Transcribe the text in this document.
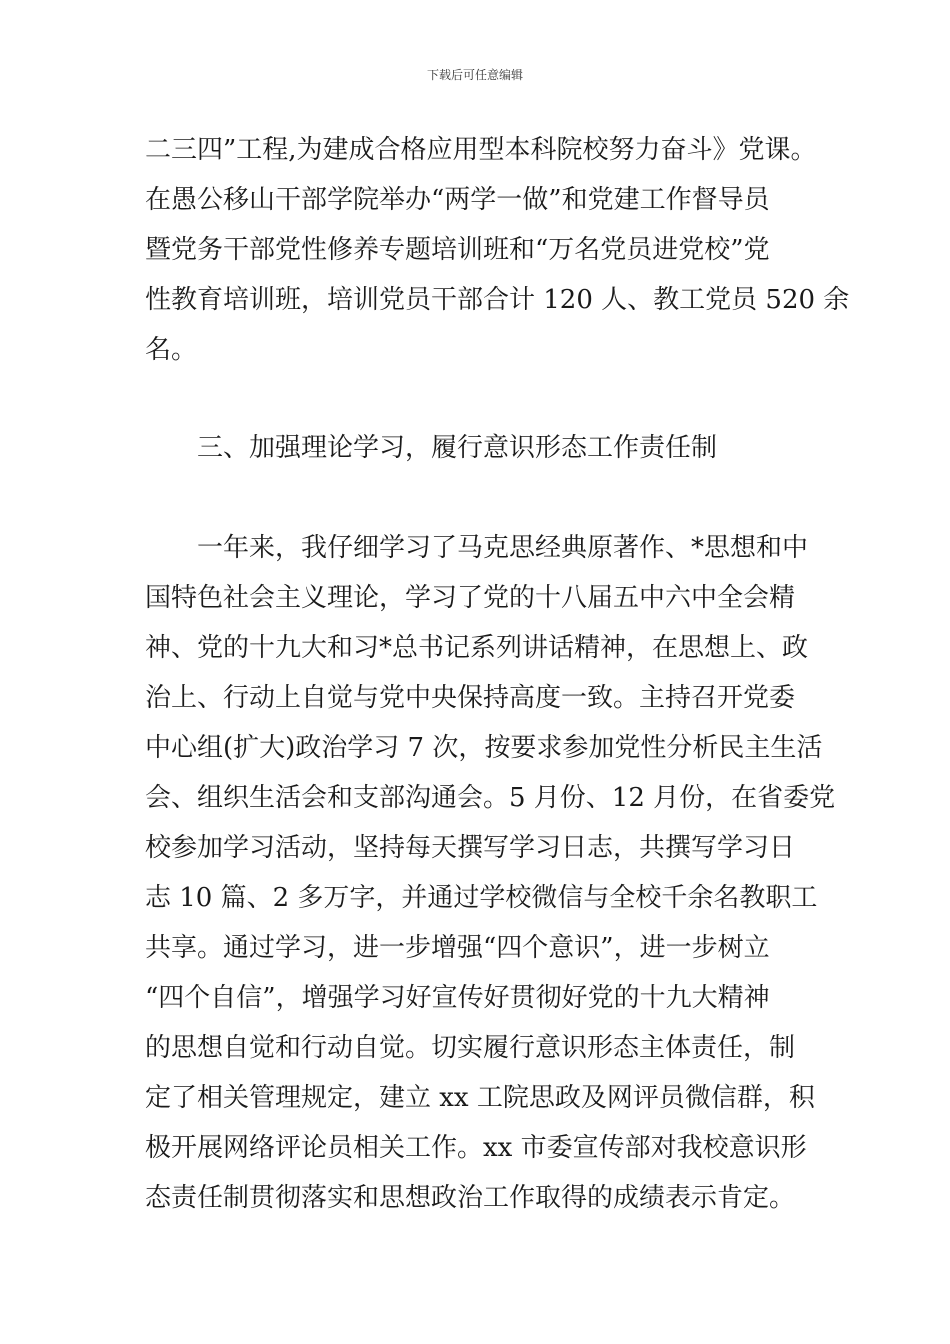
下载后可任意编辑
二三四”工程,为建成合格应用型本科院校努力奋斗》党课。
在愚公移山干部学院举办“两学一做”和党建工作督导员
暨党务干部党性修养专题培训班和“万名党员进党校”党
性教育培训班，培训党员干部合计 120 人、教工党员 520 余
名。
三、加强理论学习，履行意识形态工作责任制
一年来，我仔细学习了马克思经典原著作、*思想和中
国特色社会主义理论，学习了党的十八届五中六中全会精
神、党的十九大和习*总书记系列讲话精神，在思想上、政
治上、行动上自觉与党中央保持高度一致。主持召开党委
中心组(扩大)政治学习 7 次，按要求参加党性分析民主生活
会、组织生活会和支部沟通会。5 月份、12 月份，在省委党
校参加学习活动，坚持每天撰写学习日志，共撰写学习日
志 10 篇、2 多万字，并通过学校微信与全校千余名教职工
共享。通过学习，进一步增强“四个意识”，进一步树立
“四个自信”，增强学习好宣传好贯彻好党的十九大精神
的思想自觉和行动自觉。切实履行意识形态主体责任，制
定了相关管理规定，建立 xx 工院思政及网评员微信群，积
极开展网络评论员相关工作。xx 市委宣传部对我校意识形
态责任制贯彻落实和思想政治工作取得的成绩表示肯定。
